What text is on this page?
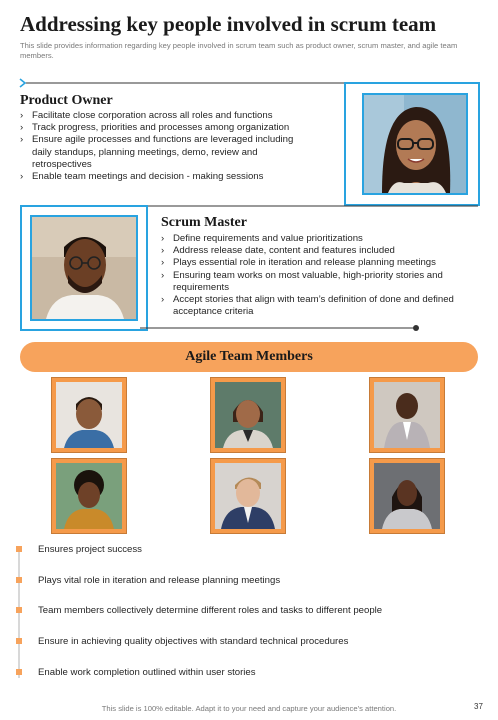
Addressing key people involved in scrum team
This slide provides information regarding key people involved in scrum team such as product owner, scrum master, and agile team members.
Product Owner
› Facilitate close corporation across all roles and functions
› Track progress, priorities and processes among organization
› Ensure agile processes and functions are leveraged including daily standups, planning meetings, demo, review and retrospectives
› Enable team meetings and decision - making sessions
Scrum Master
› Define requirements and value prioritizations
› Address release date, content and features included
› Plays essential role in iteration and release planning meetings
› Ensuring team works on most valuable, high-priority stories and requirements
› Accept stories that align with team’s definition of done and defined acceptance criteria
Agile Team Members
Ensures project success
Plays vital role in iteration and release planning meetings
Team members collectively determine different roles and tasks to different people
Ensure in achieving quality objectives with standard technical procedures
Enable work completion outlined within user stories
This slide is 100% editable. Adapt it to your need and capture your audience’s attention.	37
